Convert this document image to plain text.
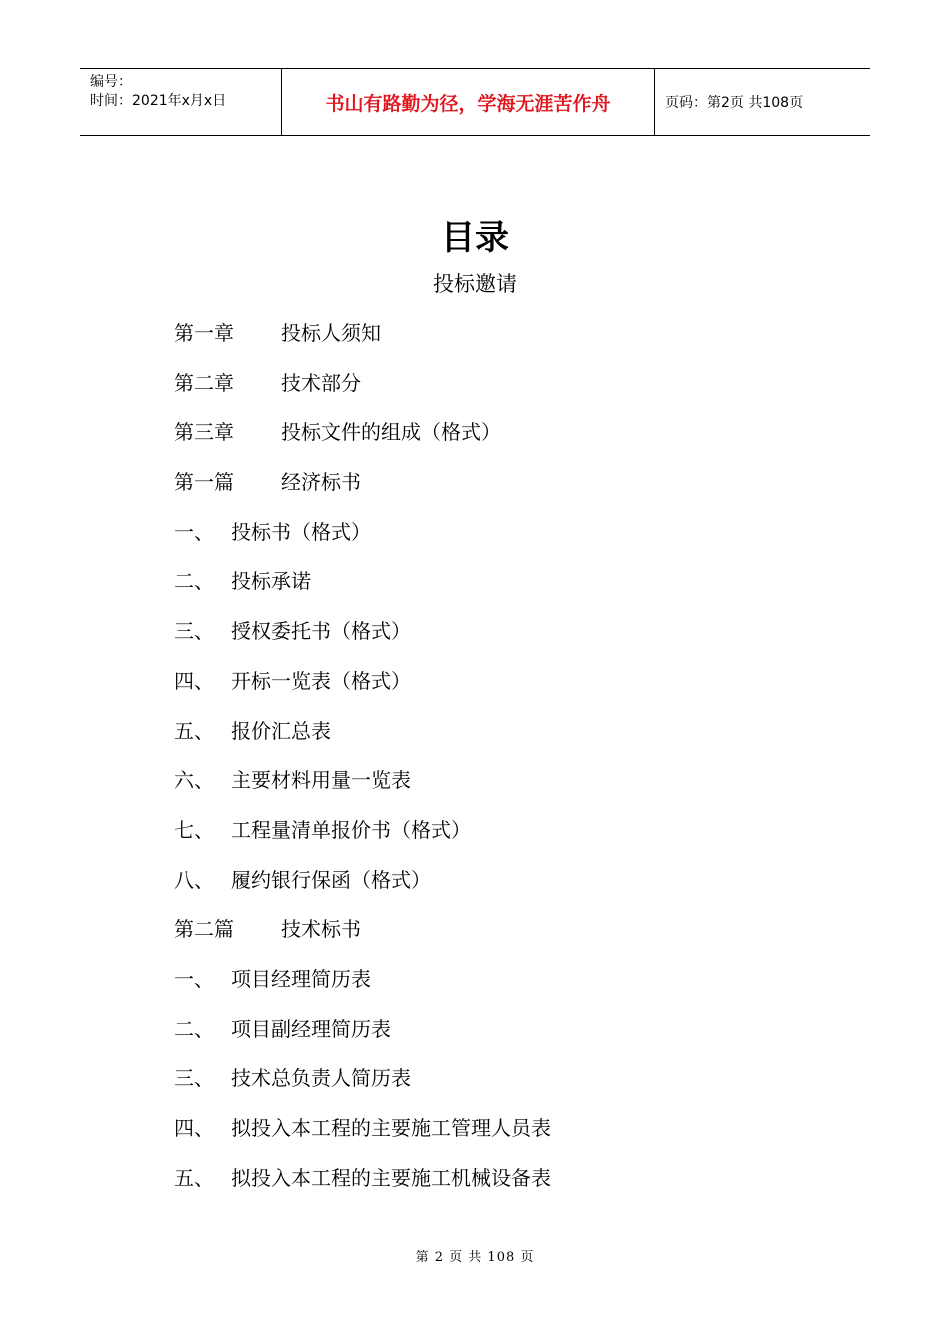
编号：
时间：2021年x月x日	书山有路勤为径，学海无涯苦作舟	页码：第2页 共108页
目录
投标邀请
第一章 投标人须知
第二章 技术部分
第三章 投标文件的组成（格式）
第一篇 经济标书
一、 投标书（格式）
二、 投标承诺
三、 授权委托书（格式）
四、 开标一览表（格式）
五、 报价汇总表
六、 主要材料用量一览表
七、 工程量清单报价书（格式）
八、 履约银行保函（格式）
第二篇 技术标书
一、 项目经理简历表
二、 项目副经理简历表
三、 技术总负责人简历表
四、 拟投入本工程的主要施工管理人员表
五、 拟投入本工程的主要施工机械设备表
第 2 页 共 108 页
